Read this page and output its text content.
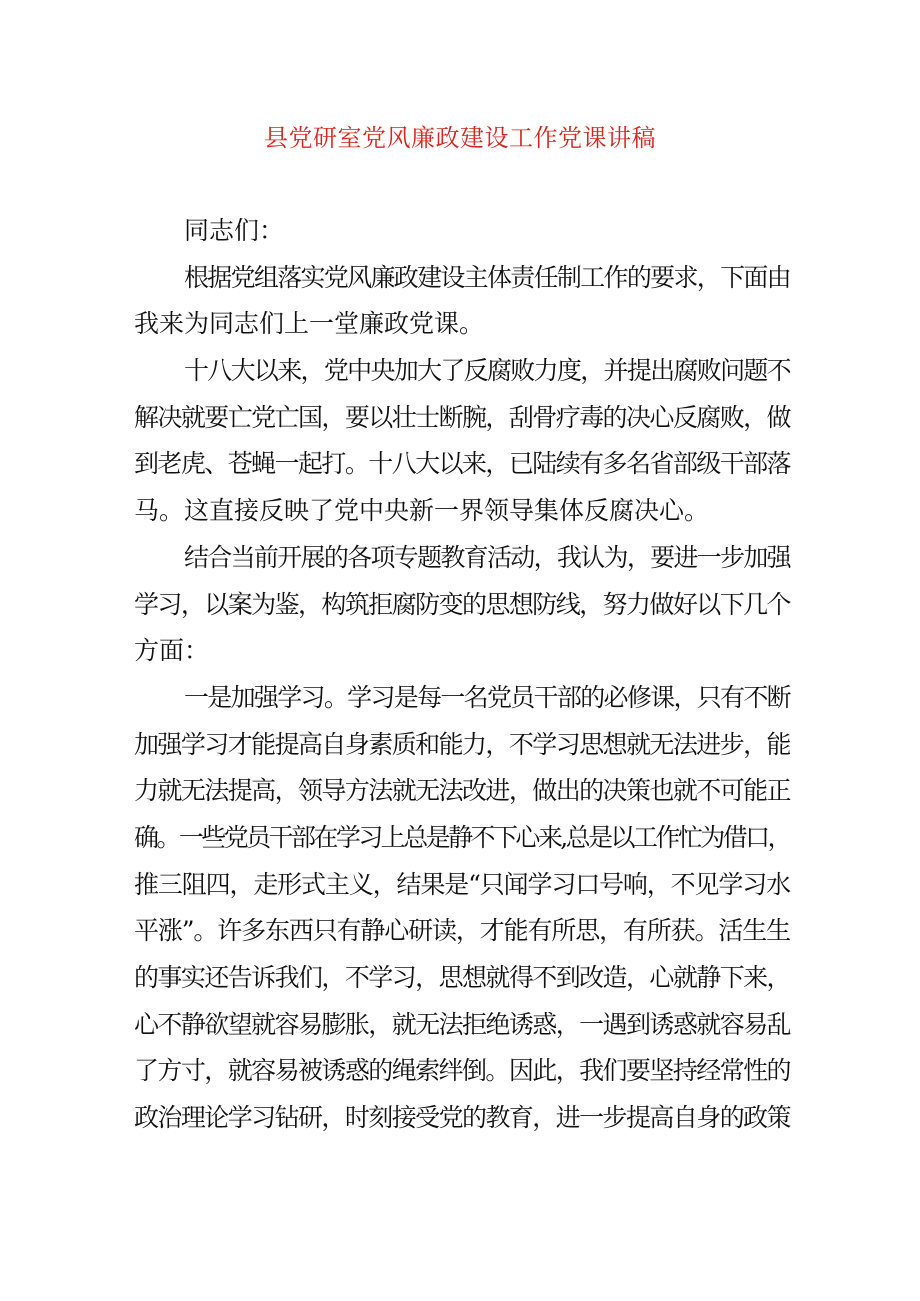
县党研室党风廉政建设工作党课讲稿
同志们：
根据党组落实党风廉政建设主体责任制工作的要求，下面由
我来为同志们上一堂廉政党课。
十八大以来，党中央加大了反腐败力度，并提出腐败问题不
解决就要亡党亡国，要以壮士断腕，刮骨疗毒的决心反腐败，做
到老虎、苍蝇一起打。十八大以来，已陆续有多名省部级干部落
马。这直接反映了党中央新一界领导集体反腐决心。
结合当前开展的各项专题教育活动，我认为，要进一步加强
学习，以案为鉴，构筑拒腐防变的思想防线，努力做好以下几个
方面：
一是加强学习。学习是每一名党员干部的必修课，只有不断
加强学习才能提高自身素质和能力，不学习思想就无法进步，能
力就无法提高，领导方法就无法改进，做出的决策也就不可能正
确。一些党员干部在学习上总是静不下心来,总是以工作忙为借口，
推三阻四，走形式主义，结果是“只闻学习口号响，不见学习水
平涨”。许多东西只有静心研读，才能有所思，有所获。活生生
的事实还告诉我们，不学习，思想就得不到改造，心就静下来，
心不静欲望就容易膨胀，就无法拒绝诱惑，一遇到诱惑就容易乱
了方寸，就容易被诱惑的绳索绊倒。因此，我们要坚持经常性的
政治理论学习钻研，时刻接受党的教育，进一步提高自身的政策
